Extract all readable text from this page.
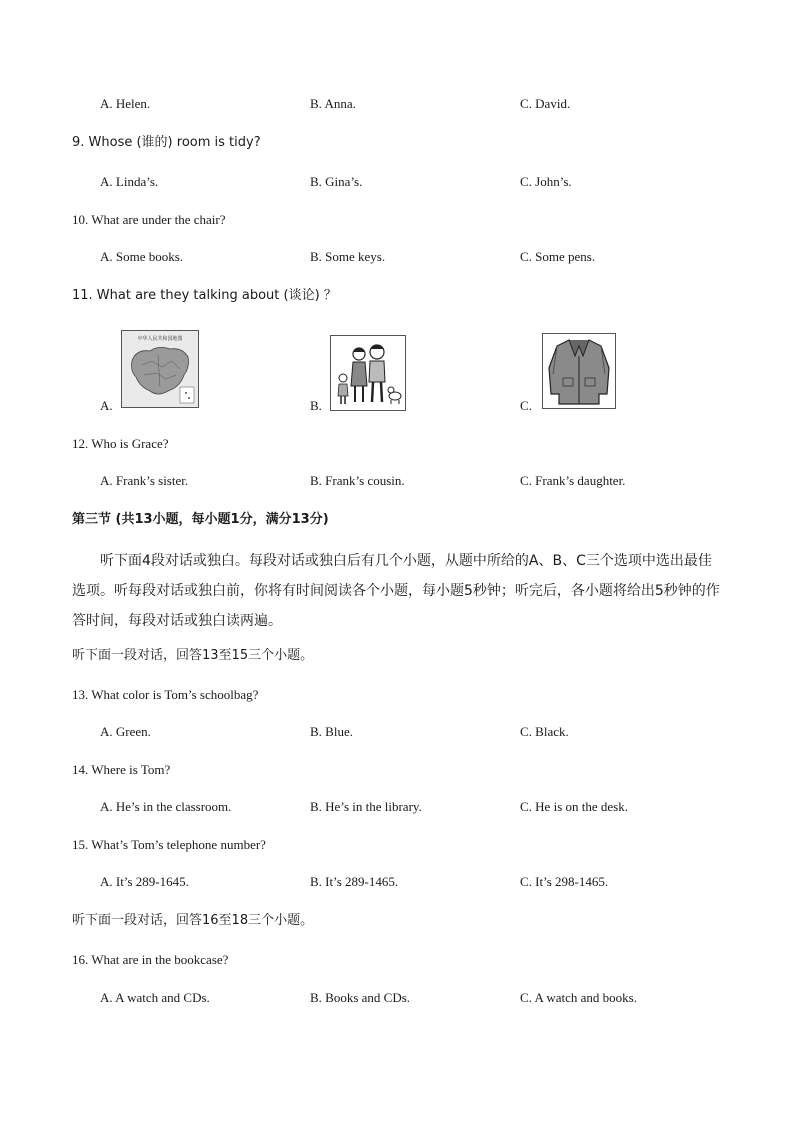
A. Helen.	B. Anna.	C. David.
9. Whose (谁的) room is tidy?
A. Linda’s.	B. Gina’s.	C. John’s.
10. What are under the chair?
A. Some books.	B. Some keys.	C. Some pens.
11. What are they talking about (谈论) ？
A.
中华人民共和国地图
B.	C.
12. Who is Grace?
A. Frank’s sister.	B. Frank’s cousin.	C. Frank’s daughter.
第三节 (共13小题，每小题1分，满分13分)
听下面4段对话或独白。每段对话或独白后有几个小题，从题中所给的A、B、C三个选项中选出最佳选项。听每段对话或独白前，你将有时间阅读各个小题，每小题5秒钟；听完后，各小题将给出5秒钟的作答时间，每段对话或独白读两遍。
听下面一段对话，回答13至15三个小题。
13. What color is Tom’s schoolbag?
A. Green.	B. Blue.	C. Black.
14. Where is Tom?
A. He’s in the classroom.	B. He’s in the library.	C. He is on the desk.
15. What’s Tom’s telephone number?
A. It’s 289-1645.	B. It’s 289-1465.	C. It’s 298-1465.
听下面一段对话，回答16至18三个小题。
16. What are in the bookcase?
A. A watch and CDs.	B. Books and CDs.	C. A watch and books.
